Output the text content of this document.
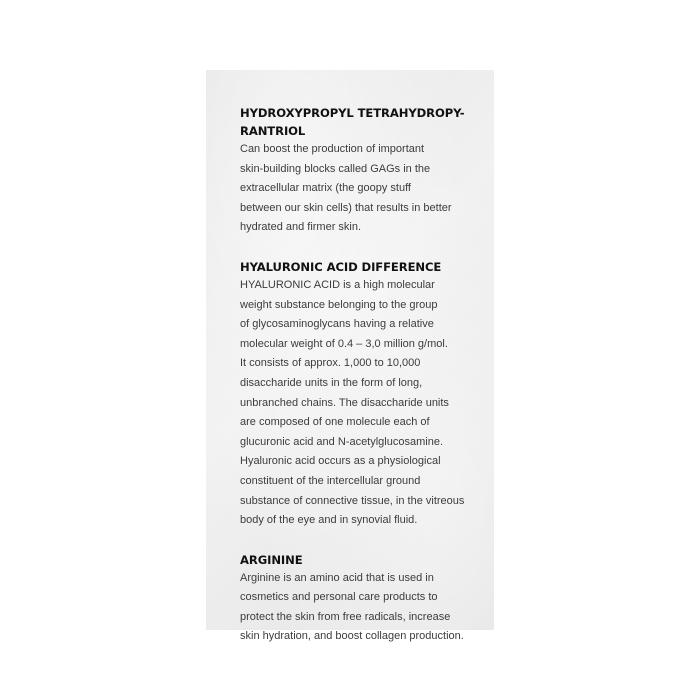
HYDROXYPROPYL TETRAHYDROPY-
RANTRIOL
Can boost the production of important
skin-building blocks called GAGs in the
extracellular matrix (the goopy stuff
between our skin cells) that results in better
hydrated and firmer skin.
HYALURONIC ACID DIFFERENCE
HYALURONIC ACID is a high molecular
weight substance belonging to the group
of glycosaminoglycans having a relative
molecular weight of 0.4 – 3,0 million g/mol.
It consists of approx. 1,000 to 10,000
disaccharide units in the form of long,
unbranched chains. The disaccharide units
are composed of one molecule each of
glucuronic acid and N-acetylglucosamine.
Hyaluronic acid occurs as a physiological
constituent of the intercellular ground
substance of connective tissue, in the vitreous
body of the eye and in synovial fluid.
ARGININE
Arginine is an amino acid that is used in
cosmetics and personal care products to
protect the skin from free radicals, increase
skin hydration, and boost collagen production.
